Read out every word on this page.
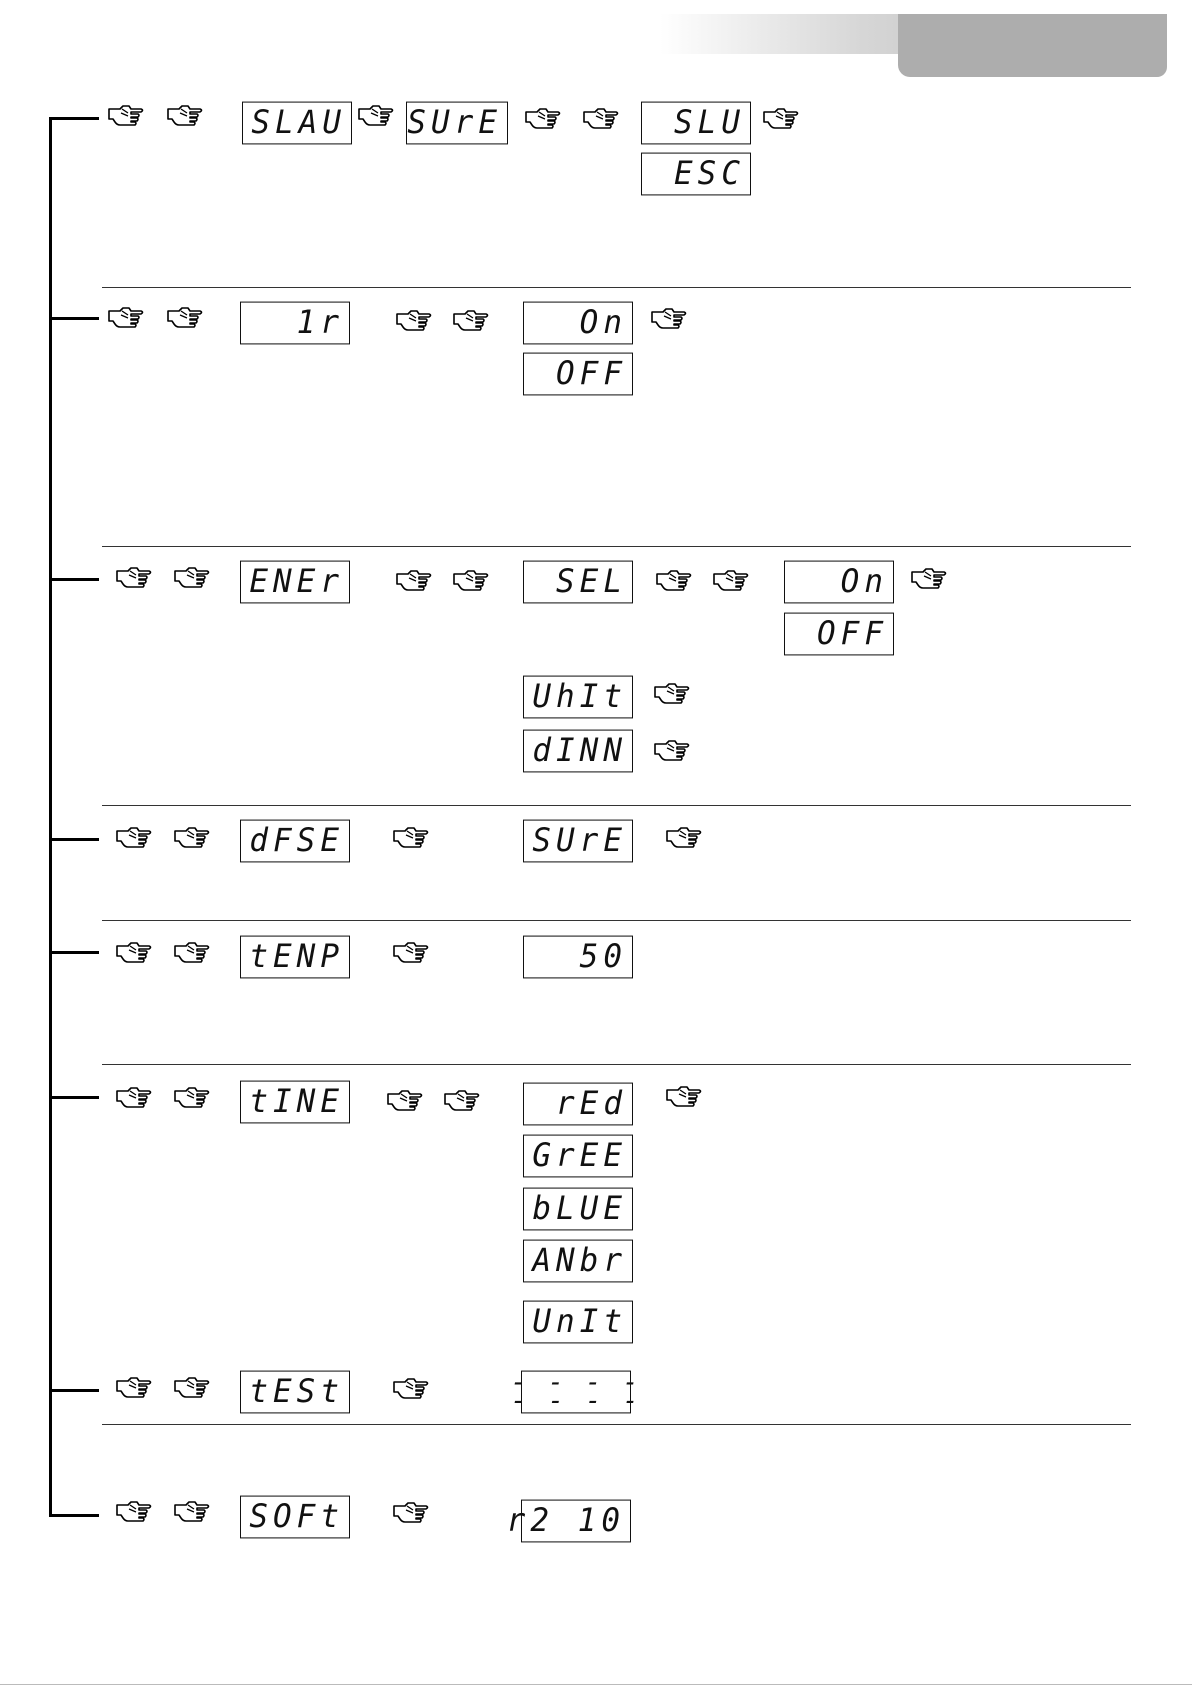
SLAU SUrE	SLU
ESC
1r	On
OFF
ENEr	SEL	On
OFF
UhIt
dINN
dFSE	SUrE
tENP	50
tINE	rEd
GrEE
bLUE
ANbr
UnIt
tESt	- - - -
- - - -
SOFt	r2 10
